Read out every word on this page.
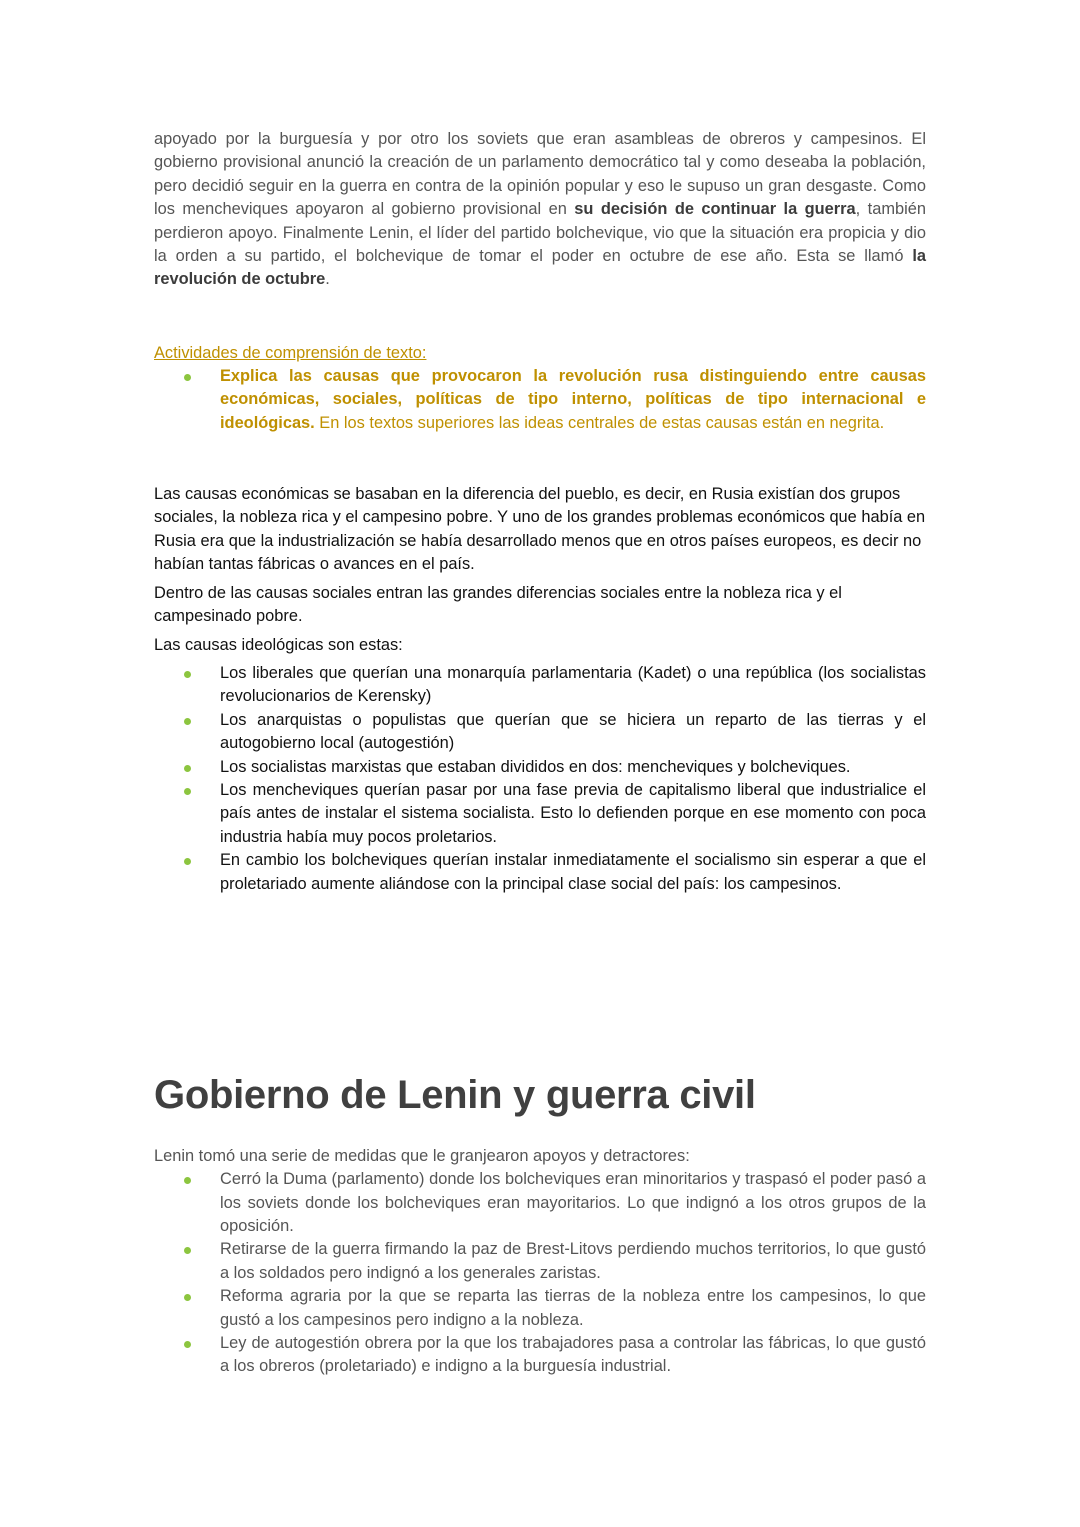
apoyado por la burguesía y por otro los soviets que eran asambleas de obreros y campesinos. El gobierno provisional anunció la creación de un parlamento democrático tal y como deseaba la población, pero decidió seguir en la guerra en contra de la opinión popular y eso le supuso un gran desgaste. Como los mencheviques apoyaron al gobierno provisional en su decisión de continuar la guerra, también perdieron apoyo. Finalmente Lenin, el líder del partido bolchevique, vio que la situación era propicia y dio la orden a su partido, el bolchevique de tomar el poder en octubre de ese año. Esta se llamó la revolución de octubre.

Actividades de comprensión de texto:

Explica las causas que provocaron la revolución rusa distinguiendo entre causas económicas, sociales, políticas de tipo interno, políticas de tipo internacional e ideológicas. En los textos superiores las ideas centrales de estas causas están en negrita.

Las causas económicas se basaban en la diferencia del pueblo, es decir, en Rusia existían dos grupos sociales, la nobleza rica y el campesino pobre. Y uno de los grandes problemas económicos que había en Rusia era que la industrialización se había desarrollado menos que en otros países europeos, es decir no habían tantas fábricas o avances en el país.

Dentro de las causas sociales entran las grandes diferencias sociales entre la nobleza rica y el campesinado pobre.

Las causas ideológicas son estas:

Los liberales que querían una monarquía parlamentaria (Kadet) o una república (los socialistas revolucionarios de Kerensky)
Los anarquistas o populistas que querían que se hiciera un reparto de las tierras y el autogobierno local (autogestión)
Los socialistas marxistas que estaban divididos en dos: mencheviques y bolcheviques.
Los mencheviques querían pasar por una fase previa de capitalismo liberal que industrialice el país antes de instalar el sistema socialista. Esto lo defienden porque en ese momento con poca industria había muy pocos proletarios.
En cambio los bolcheviques querían instalar inmediatamente el socialismo sin esperar a que el proletariado aumente aliándose con la principal clase social del país: los campesinos.
Gobierno de Lenin y guerra civil

Lenin tomó una serie de medidas que le granjearon apoyos y detractores:

Cerró la Duma (parlamento) donde los bolcheviques eran minoritarios y traspasó el poder pasó a los soviets donde los bolcheviques eran mayoritarios. Lo que indignó a los otros grupos de la oposición.
Retirarse de la guerra firmando la paz de Brest-Litovs perdiendo muchos territorios, lo que gustó a los soldados pero indignó a los generales zaristas.
Reforma agraria por la que se reparta las tierras de la nobleza entre los campesinos, lo que gustó a los campesinos pero indigno a la nobleza.
Ley de autogestión obrera por la que los trabajadores pasa a controlar las fábricas, lo que gustó a los obreros (proletariado) e indigno a la burguesía industrial.
